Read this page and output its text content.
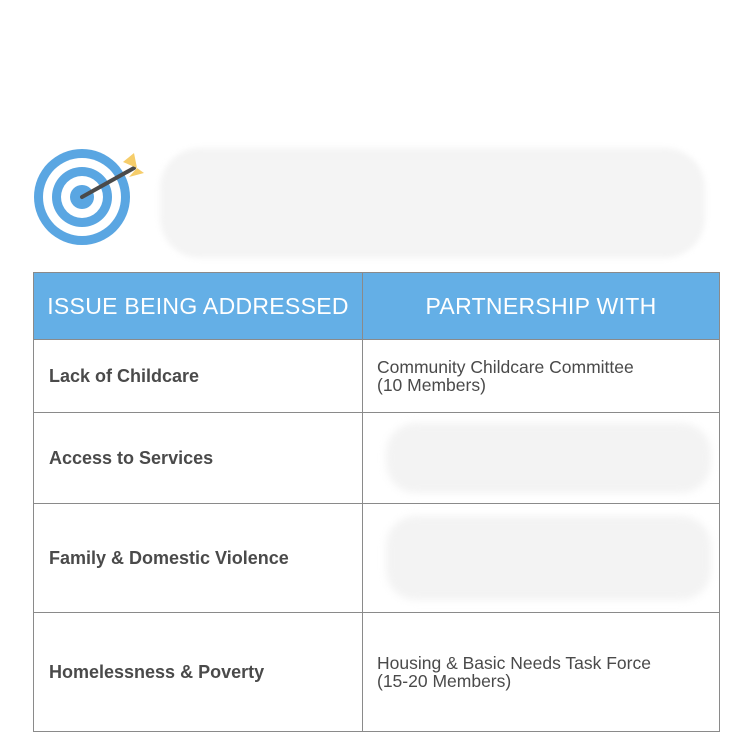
ISSUE BEING ADDRESSED	PARTNERSHIP WITH
Lack of Childcare	Community Childcare Committee
(10 Members)
Access to Services	

Family & Domestic Violence	

Homelessness & Poverty	Housing & Basic Needs Task Force
(15-20 Members)
